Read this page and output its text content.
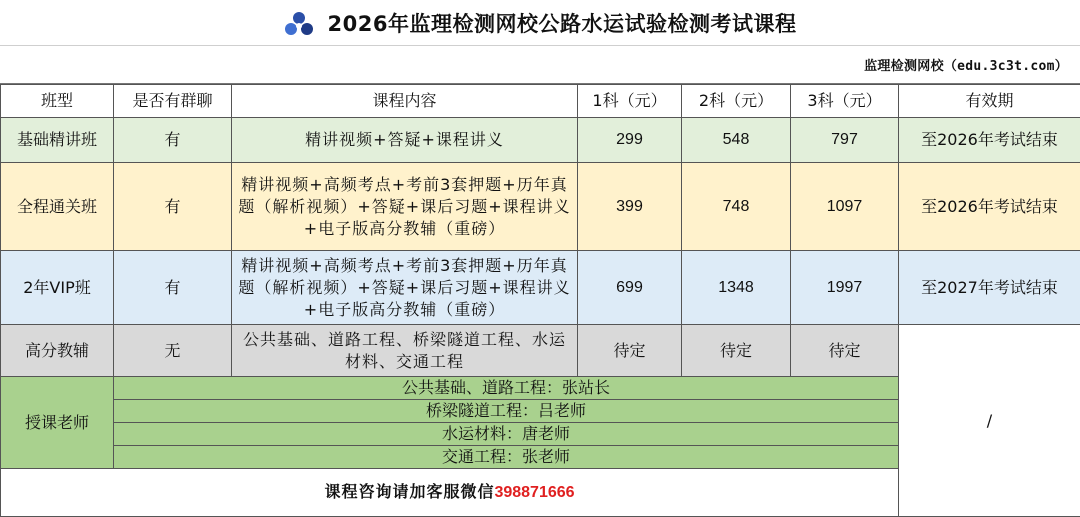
2026年监理检测网校公路水运试验检测考试课程
监理检测网校（edu.3c3t.com）
班型	是否有群聊	课程内容	1科（元）	2科（元）	3科（元）	有效期
基础精讲班	有	精讲视频+答疑+课程讲义	299	548	797	至2026年考试结束
全程通关班	有	精讲视频+高频考点+考前3套押题+历年真题（解析视频）+答疑+课后习题+课程讲义+电子版高分教辅（重磅）	399	748	1097	至2026年考试结束
2年VIP班	有	精讲视频+高频考点+考前3套押题+历年真题（解析视频）+答疑+课后习题+课程讲义+电子版高分教辅（重磅）	699	1348	1997	至2027年考试结束
高分教辅	无	公共基础、道路工程、桥梁隧道工程、水运材料、交通工程	待定	待定	待定	/
授课老师	公共基础、道路工程：张站长					
	桥梁隧道工程：吕老师					
	水运材料：唐老师					
	交通工程：张老师					
课程咨询请加客服微信398871666						
